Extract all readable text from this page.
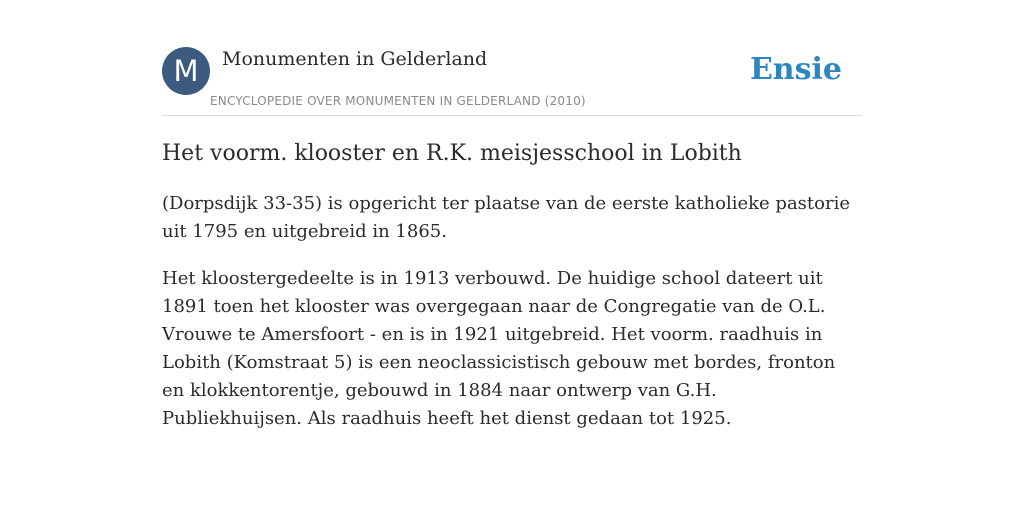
M	Monumenten in Gelderland
ENCYCLOPEDIE OVER MONUMENTEN IN GELDERLAND (2010)
Ensie
Het voorm. klooster en R.K. meisjesschool in Lobith

(Dorpsdijk 33-35) is opgericht ter plaatse van de eerste katholieke pastorie uit 1795 en uitgebreid in 1865.

Het kloostergedeelte is in 1913 verbouwd. De huidige school dateert uit 1891 toen het klooster was overgegaan naar de Congregatie van de O.L. Vrouwe te Amersfoort - en is in 1921 uitgebreid. Het voorm. raadhuis in Lobith (Komstraat 5) is een neoclassicistisch gebouw met bordes, fronton en klokkentorentje, gebouwd in 1884 naar ontwerp van G.H. Publiekhuijsen. Als raadhuis heeft het dienst gedaan tot 1925.
